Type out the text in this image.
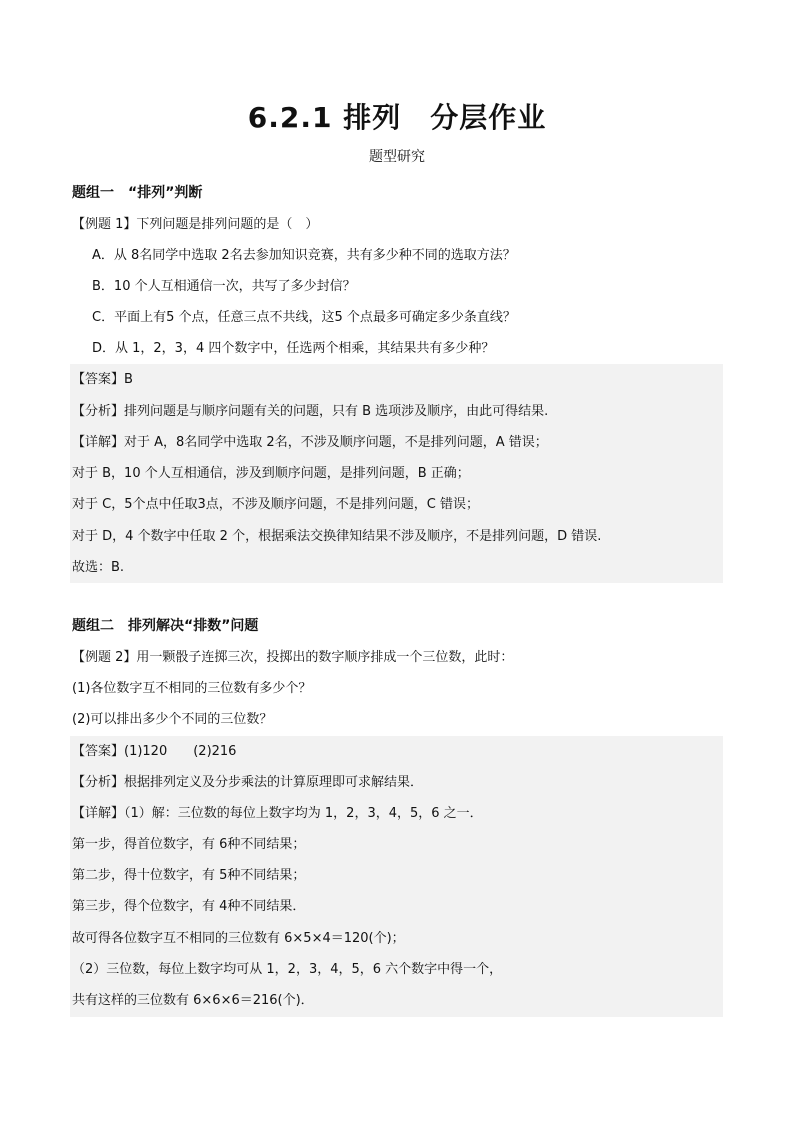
6.2.1 排列　分层作业
题型研究
题组一　“排列”判断
【例题 1】下列问题是排列问题的是（　）
A．从 8名同学中选取 2名去参加知识竞赛，共有多少种不同的选取方法？
B．10 个人互相通信一次，共写了多少封信？
C．平面上有5 个点，任意三点不共线，这5 个点最多可确定多少条直线？
D．从 1，2，3，4 四个数字中，任选两个相乘，其结果共有多少种？
【答案】B
【分析】排列问题是与顺序问题有关的问题，只有 B 选项涉及顺序，由此可得结果.
【详解】对于 A，8名同学中选取 2名，不涉及顺序问题，不是排列问题，A 错误；
对于 B，10 个人互相通信，涉及到顺序问题，是排列问题，B 正确；
对于 C，5个点中任取3点，不涉及顺序问题，不是排列问题，C 错误；
对于 D，4 个数字中任取 2 个，根据乘法交换律知结果不涉及顺序，不是排列问题，D 错误.
故选：B.
题组二　排列解决“排数”问题
【例题 2】用一颗骰子连掷三次，投掷出的数字顺序排成一个三位数，此时：
(1)各位数字互不相同的三位数有多少个？
(2)可以排出多少个不同的三位数？
【答案】(1)120　　(2)216
【分析】根据排列定义及分步乘法的计算原理即可求解结果．
【详解】（1）解：三位数的每位上数字均为 1，2，3，4，5，6 之一．
第一步，得首位数字，有 6种不同结果；
第二步，得十位数字，有 5种不同结果；
第三步，得个位数字，有 4种不同结果．
故可得各位数字互不相同的三位数有 6×5×4＝120(个)；
（2）三位数，每位上数字均可从 1，2，3，4，5，6 六个数字中得一个，
共有这样的三位数有 6×6×6＝216(个)．
